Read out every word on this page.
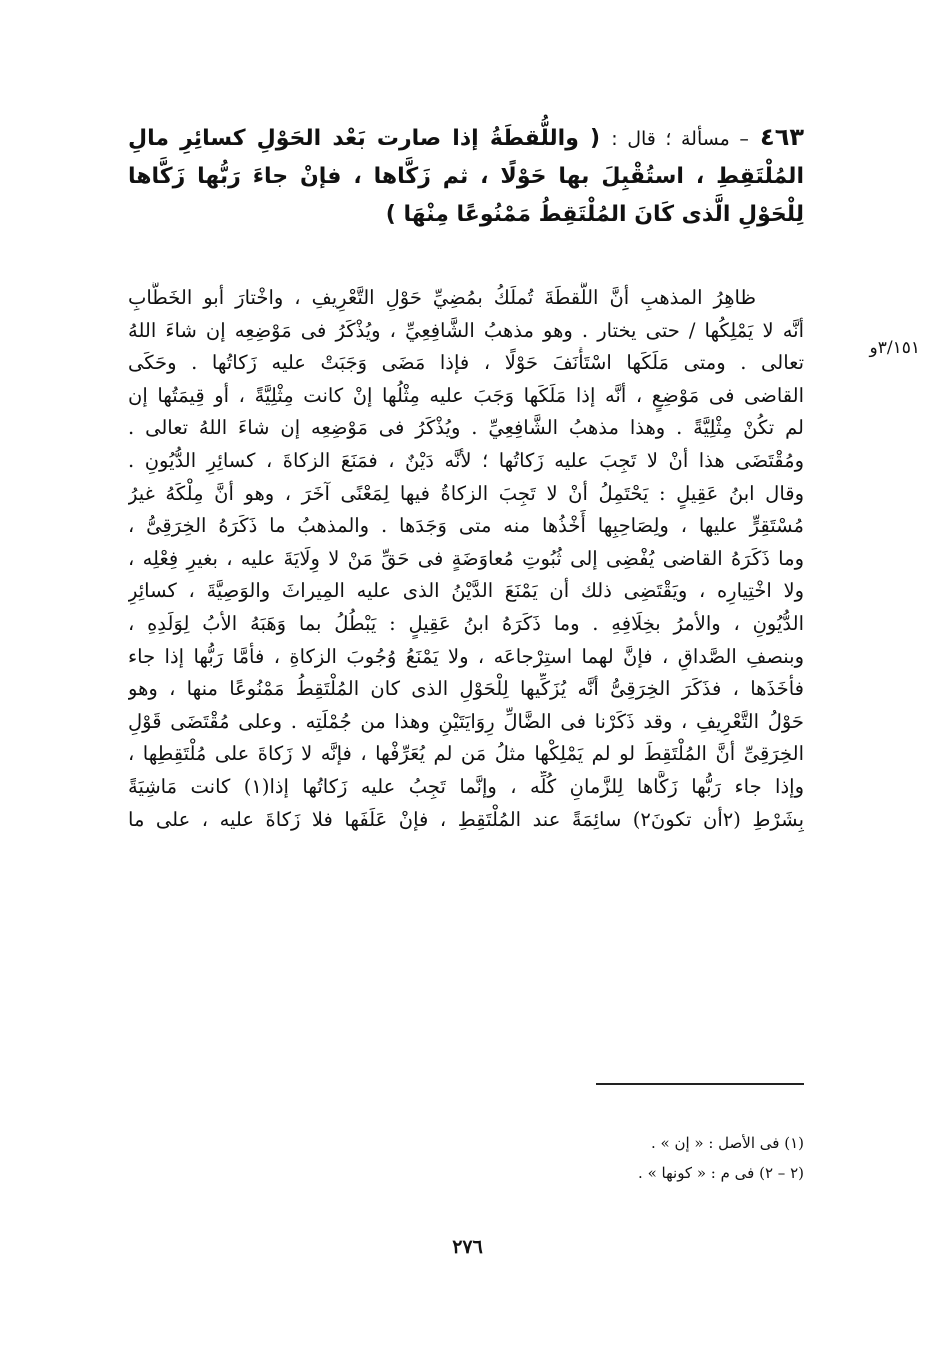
٤٦٣ – مسألة ؛ قال : ( واللُّقطَةُ إذا صارت بَعْد الحَوْلِ كسائِرِ مالِ المُلْتَقِطِ ، استُقْبِلَ بها حَوْلًا ، ثم زَكَّاها ، فإنْ جاءَ رَبُّها زَكَّاها لِلْحَوْلِ الَّذى كَانَ المُلْتَقِطُ مَمْنُوعًا مِنْهَا )
٣/١٥١و
ظاهِرُ المذهبِ أنَّ اللُّقطَةَ تُملَكُ بمُضِيِّ حَوْلِ التَّعْرِيفِ ، واخْتارَ أبو الخَطَّابِ
أنَّه لا يَمْلِكُها / حتى يختار . وهو مذهبُ الشَّافِعِيِّ ، ويُذْكَرُ فى مَوْضِعِه إن شاءَ اللهُ
تعالى . ومتى مَلَكَها اسْتَأْنَفَ حَوْلًا ، فإذا مَضَى وَجَبَتْ عليه زَكاتُها . وحَكَى
القاضى فى مَوْضِعٍ ، أنَّه إذا مَلَكَها وَجَبَ عليه مِثْلُها إنْ كانت مِثْلِيَّةً ، أو قِيمَتُها إن
لم تكُنْ مِثْلِيَّةً . وهذا مذهبُ الشَّافِعِيِّ . ويُذْكَرُ فى مَوْضِعِه إن شاءَ اللهُ تعالى .
ومُقْتَضَى هذا أنْ لا تَجِبَ عليه زَكاتُها ؛ لأنَّه دَيْنٌ ، فمَنَعَ الزكاةَ ، كسائِرِ الدُّيُونِ .
وقال ابنُ عَقِيلٍ : يَحْتَمِلُ أنْ لا تَجِبَ الزكاةُ فيها لِمَعْنًى آخَرَ ، وهو أنَّ مِلْكَهُ غيرُ
مُسْتَقِرٍّ عليها ، ولِصَاحِبِها أَخْذُها منه متى وَجَدَها . والمذهبُ ما ذَكَرَهُ الخِرَقِىُّ ،
وما ذَكَرَهُ القاضى يُفْضِى إلى ثُبُوتِ مُعاوَضَةٍ فى حَقِّ مَنْ لا وِلَايَةَ عليه ، بغيرِ فِعْلِه ،
ولا اخْتِيارِه ، ويَقْتَضِى ذلك أن يَمْنَعَ الدَّيْنُ الذى عليه المِيراثَ والوَصِيَّةَ ، كسائِرِ
الدُّيُونِ ، والأمرُ بخِلَافِهِ . وما ذَكَرَهُ ابنُ عَقِيلٍ : يَبْطُلُ بما وَهَبَهُ الأبُ لِوَلَدِهِ ،
وبنصفِ الصَّداقِ ، فإنَّ لهما استِرْجاعَه ، ولا يَمْنَعُ وُجُوبَ الزكاةِ ، فأمَّا رَبُّها إذا جاء
فأخَذَها ، فذَكَرَ الخِرَقِىُّ أنَّه يُزَكِّيها لِلْحَوْلِ الذى كان المُلْتَقِطُ مَمْنُوعًا منها ، وهو
حَوْلُ التَّعْرِيفِ ، وقد ذَكَرْنا فى الضَّالِّ رِوَايَتَيْنِ وهذا من جُمْلَتِه . وعلى مُقْتَضَى قَوْلِ
الخِرَقِىِّ أنَّ المُلْتَقِطَ لو لم يَمْلِكْها مثلُ مَن لم يُعَرِّفْها ، فإنَّه لا زَكاةَ على مُلْتَقِطِها ،
وإذا جاء رَبُّها زَكَّاها لِلزَّمانِ كُلِّه ، وإنَّما تَجِبُ عليه زَكاتُها إذا(١) كانت مَاشِيَةً
بِشَرْطِ (٢أن تكونَ٢) سائِمَةً عند المُلْتَقِطِ ، فإنْ عَلَفَها فلا زَكاةَ عليه ، على ما
(١) فى الأصل : « إن » .
(٢ – ٢) فى م : « كونها » .
٢٧٦
